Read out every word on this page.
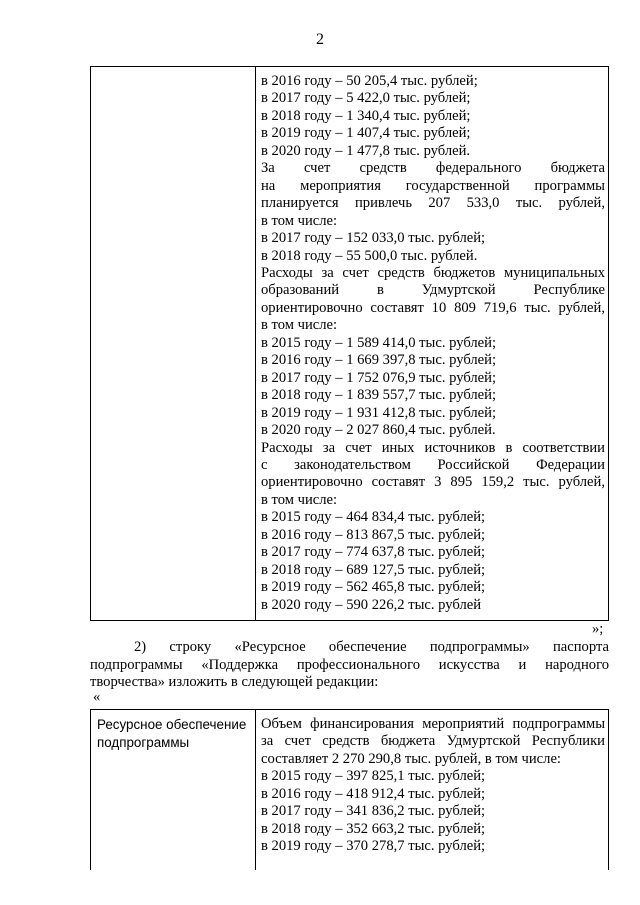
2
в 2016 году – 50 205,4 тыс. рублей;
в 2017 году – 5 422,0 тыс. рублей;
в 2018 году – 1 340,4 тыс. рублей;
в 2019 году – 1 407,4 тыс. рублей;
в 2020 году – 1 477,8 тыс. рублей.
За счет средств федерального бюджета
на мероприятия государственной программы
планируется привлечь 207 533,0 тыс. рублей,
в том числе:
в 2017 году – 152 033,0 тыс. рублей;
в 2018 году – 55 500,0 тыс. рублей.
Расходы за счет средств бюджетов муниципальных
образований в Удмуртской Республике
ориентировочно составят 10 809 719,6 тыс. рублей,
в том числе:
в 2015 году – 1 589 414,0 тыс. рублей;
в 2016 году – 1 669 397,8 тыс. рублей;
в 2017 году – 1 752 076,9 тыс. рублей;
в 2018 году – 1 839 557,7 тыс. рублей;
в 2019 году – 1 931 412,8 тыс. рублей;
в 2020 году – 2 027 860,4 тыс. рублей.
Расходы за счет иных источников в соответствии
с законодательством Российской Федерации
ориентировочно составят 3 895 159,2 тыс. рублей,
в том числе:
в 2015 году – 464 834,4 тыс. рублей;
в 2016 году – 813 867,5 тыс. рублей;
в 2017 году – 774 637,8 тыс. рублей;
в 2018 году – 689 127,5 тыс. рублей;
в 2019 году – 562 465,8 тыс. рублей;
в 2020 году – 590 226,2 тыс. рублей
»;
2) строку «Ресурсное обеспечение подпрограммы» паспорта
подпрограммы «Поддержка профессионального искусства и народного
творчества» изложить в следующей редакции:
«
Ресурсное обеспечение подпрограммы
Объем финансирования мероприятий подпрограммы
за счет средств бюджета Удмуртской Республики
составляет 2 270 290,8 тыс. рублей, в том числе:
в 2015 году – 397 825,1 тыс. рублей;
в 2016 году – 418 912,4 тыс. рублей;
в 2017 году – 341 836,2 тыс. рублей;
в 2018 году – 352 663,2 тыс. рублей;
в 2019 году – 370 278,7 тыс. рублей;
